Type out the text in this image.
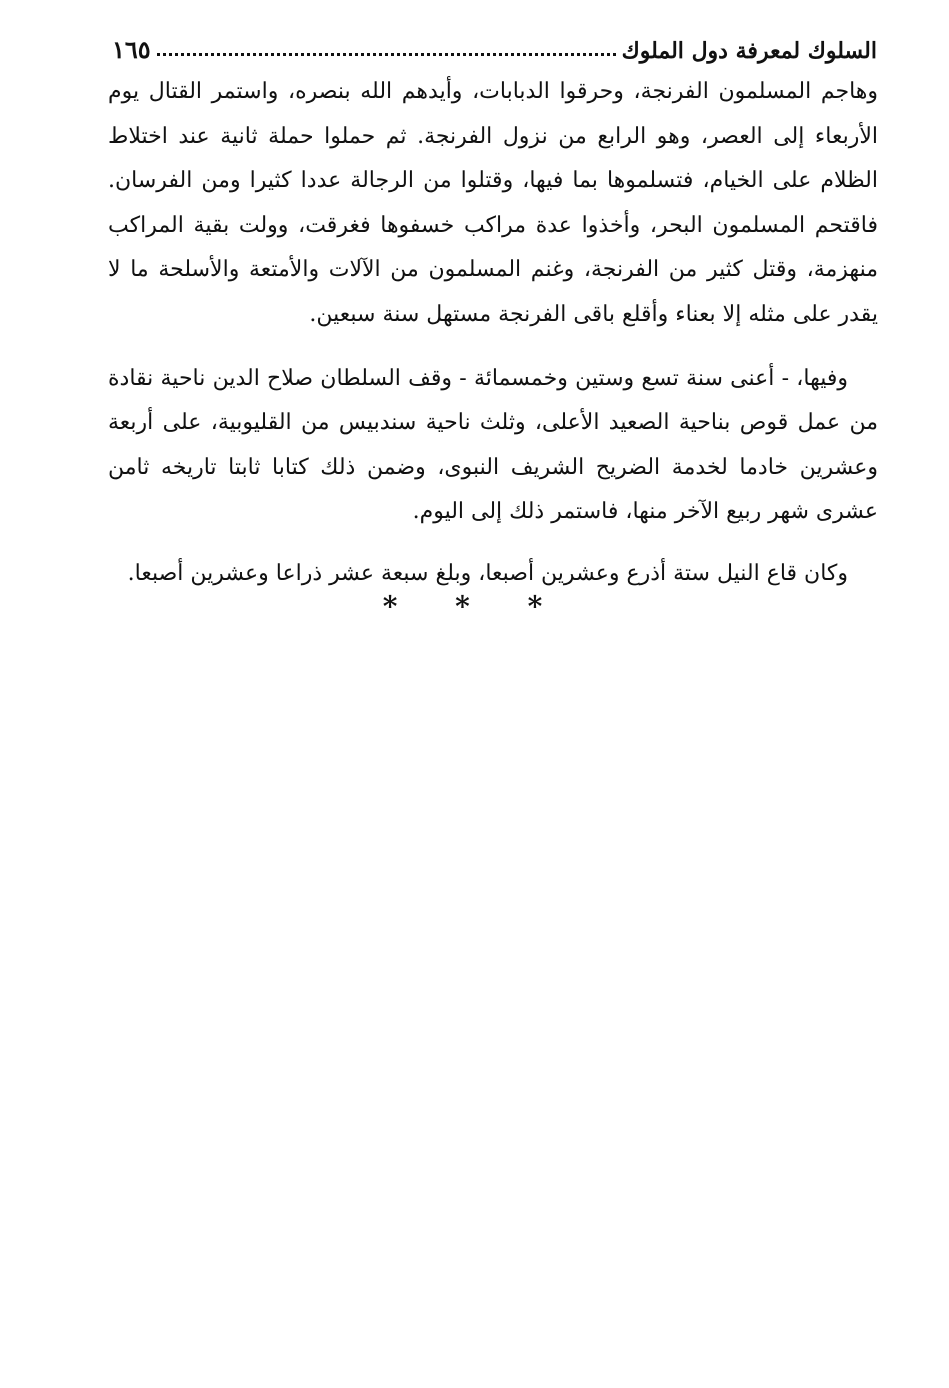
السلوك لمعرفة دول الملوك
١٦٥

وهاجم المسلمون الفرنجة، وحرقوا الدبابات، وأيدهم الله بنصره، واستمر القتال يوم الأربعاء إلى العصر، وهو الرابع من نزول الفرنجة. ثم حملوا حملة ثانية عند اختلاط الظلام على الخيام، فتسلموها بما فيها، وقتلوا من الرجالة عددا كثيرا ومن الفرسان. فاقتحم المسلمون البحر، وأخذوا عدة مراكب خسفوها فغرقت، وولت بقية المراكب منهزمة، وقتل كثير من الفرنجة، وغنم المسلمون من الآلات والأمتعة والأسلحة ما لا يقدر على مثله إلا بعناء وأقلع باقى الفرنجة مستهل سنة سبعين.

وفيها، - أعنى سنة تسع وستين وخمسمائة - وقف السلطان صلاح الدين ناحية نقادة من عمل قوص بناحية الصعيد الأعلى، وثلث ناحية سندبيس من القليوبية، على أربعة وعشرين خادما لخدمة الضريح الشريف النبوى، وضمن ذلك كتابا ثابتا تاريخه ثامن عشرى شهر ربيع الآخر منها، فاستمر ذلك إلى اليوم.

وكان قاع النيل ستة أذرع وعشرين أصبعا، وبلغ سبعة عشر ذراعا وعشرين أصبعا.

* * *
